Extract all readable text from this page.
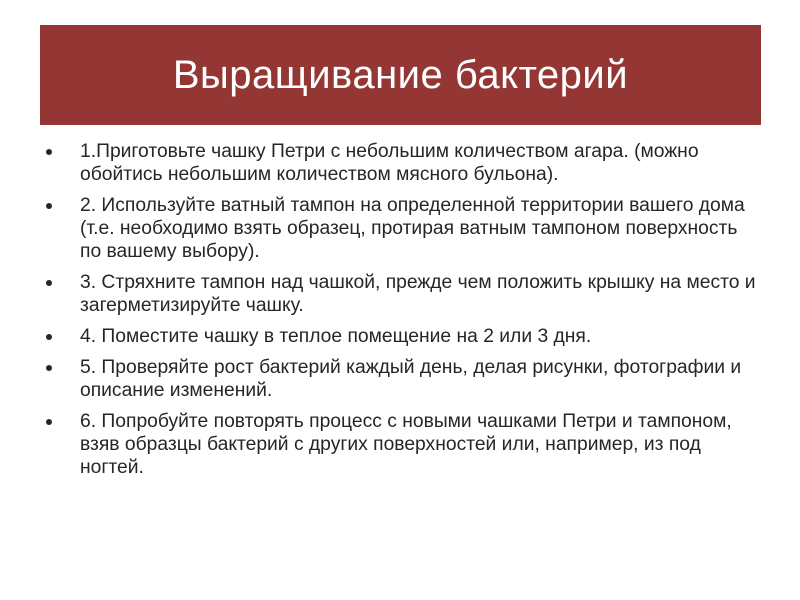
Выращивание бактерий
1.Приготовьте чашку Петри с небольшим количеством агара. (можно обойтись небольшим количеством мясного бульона).
2. Используйте ватный тампон на определенной территории вашего дома (т.е. необходимо взять образец, протирая ватным тампоном поверхность по вашему выбору).
3. Стряхните тампон над чашкой, прежде чем положить крышку на место и загерметизируйте чашку.
4. Поместите чашку в теплое помещение на 2 или 3 дня.
5. Проверяйте рост бактерий каждый день, делая рисунки, фотографии и описание изменений.
6. Попробуйте повторять процесс с новыми чашками Петри и тампоном, взяв образцы бактерий с других поверхностей или, например, из под ногтей.
